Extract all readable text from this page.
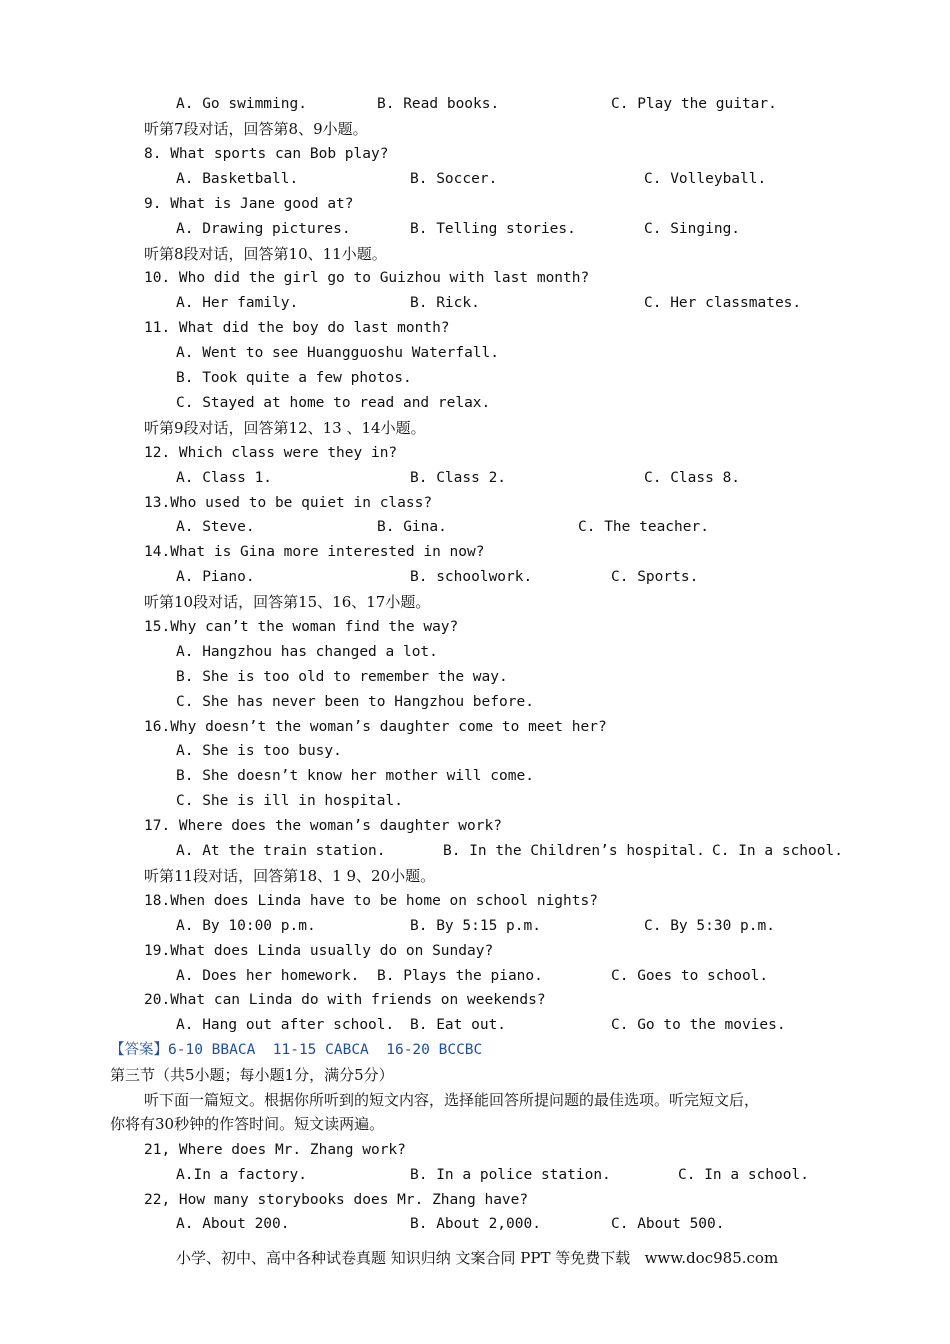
A. Go swimming.	B. Read books.	C. Play the guitar.
听第7段对话，回答第8、9小题。
8. What sports can Bob play?
A. Basketball.	B. Soccer.	C. Volleyball.
9. What is Jane good at?
A. Drawing pictures.	B. Telling stories.	C. Singing.
听第8段对话，回答第10、11小题。
10. Who did the girl go to Guizhou with last month?
A. Her family.	B. Rick.	C. Her classmates.
11. What did the boy do last month?
A. Went to see Huangguoshu Waterfall.
B. Took quite a few photos.
C. Stayed at home to read and relax.
听第9段对话，回答第12、13 、14小题。
12. Which class were they in?
A. Class 1.	B. Class 2.	C. Class 8.
13.Who used to be quiet in class?
A. Steve.	B. Gina.	C. The teacher.
14.What is Gina more interested in now?
A. Piano.	B. schoolwork.	C. Sports.
听第10段对话，回答第15、16、17小题。
15.Why can’t the woman find the way?
A. Hangzhou has changed a lot.
B. She is too old to remember the way.
C. She has never been to Hangzhou before.
16.Why doesn’t the woman’s daughter come to meet her?
A. She is too busy.
B. She doesn’t know her mother will come.
C. She is ill in hospital.
17. Where does the woman’s daughter work?
A. At the train station.	B. In the Children’s hospital. C. In a school.
听第11段对话，回答第18、1 9、20小题。
18.When does Linda have to be home on school nights?
A. By 10:00 p.m.	B. By 5:15 p.m.	C. By 5:30 p.m.
19.What does Linda usually do on Sunday?
A. Does her homework. B. Plays the piano.	C. Goes to school.
20.What can Linda do with friends on weekends?
A. Hang out after school. B. Eat out.	C. Go to the movies.
【答案】6-10 BBACA  11-15 CABCA  16-20 BCCBC
第三节（共5小题；每小题1分，满分5分）
听下面一篇短文。根据你所听到的短文内容，选择能回答所提问题的最佳选项。听完短文后，
你将有30秒钟的作答时间。短文读两遍。
21, Where does Mr. Zhang work?
A.In a factory.	B. In a police station.	C. In a school.
22, How many storybooks does Mr. Zhang have?
A. About 200.	B. About 2,000.	C. About 500.
小学、初中、高中各种试卷真题 知识归纳 文案合同 PPT 等免费下载   www.doc985.com
